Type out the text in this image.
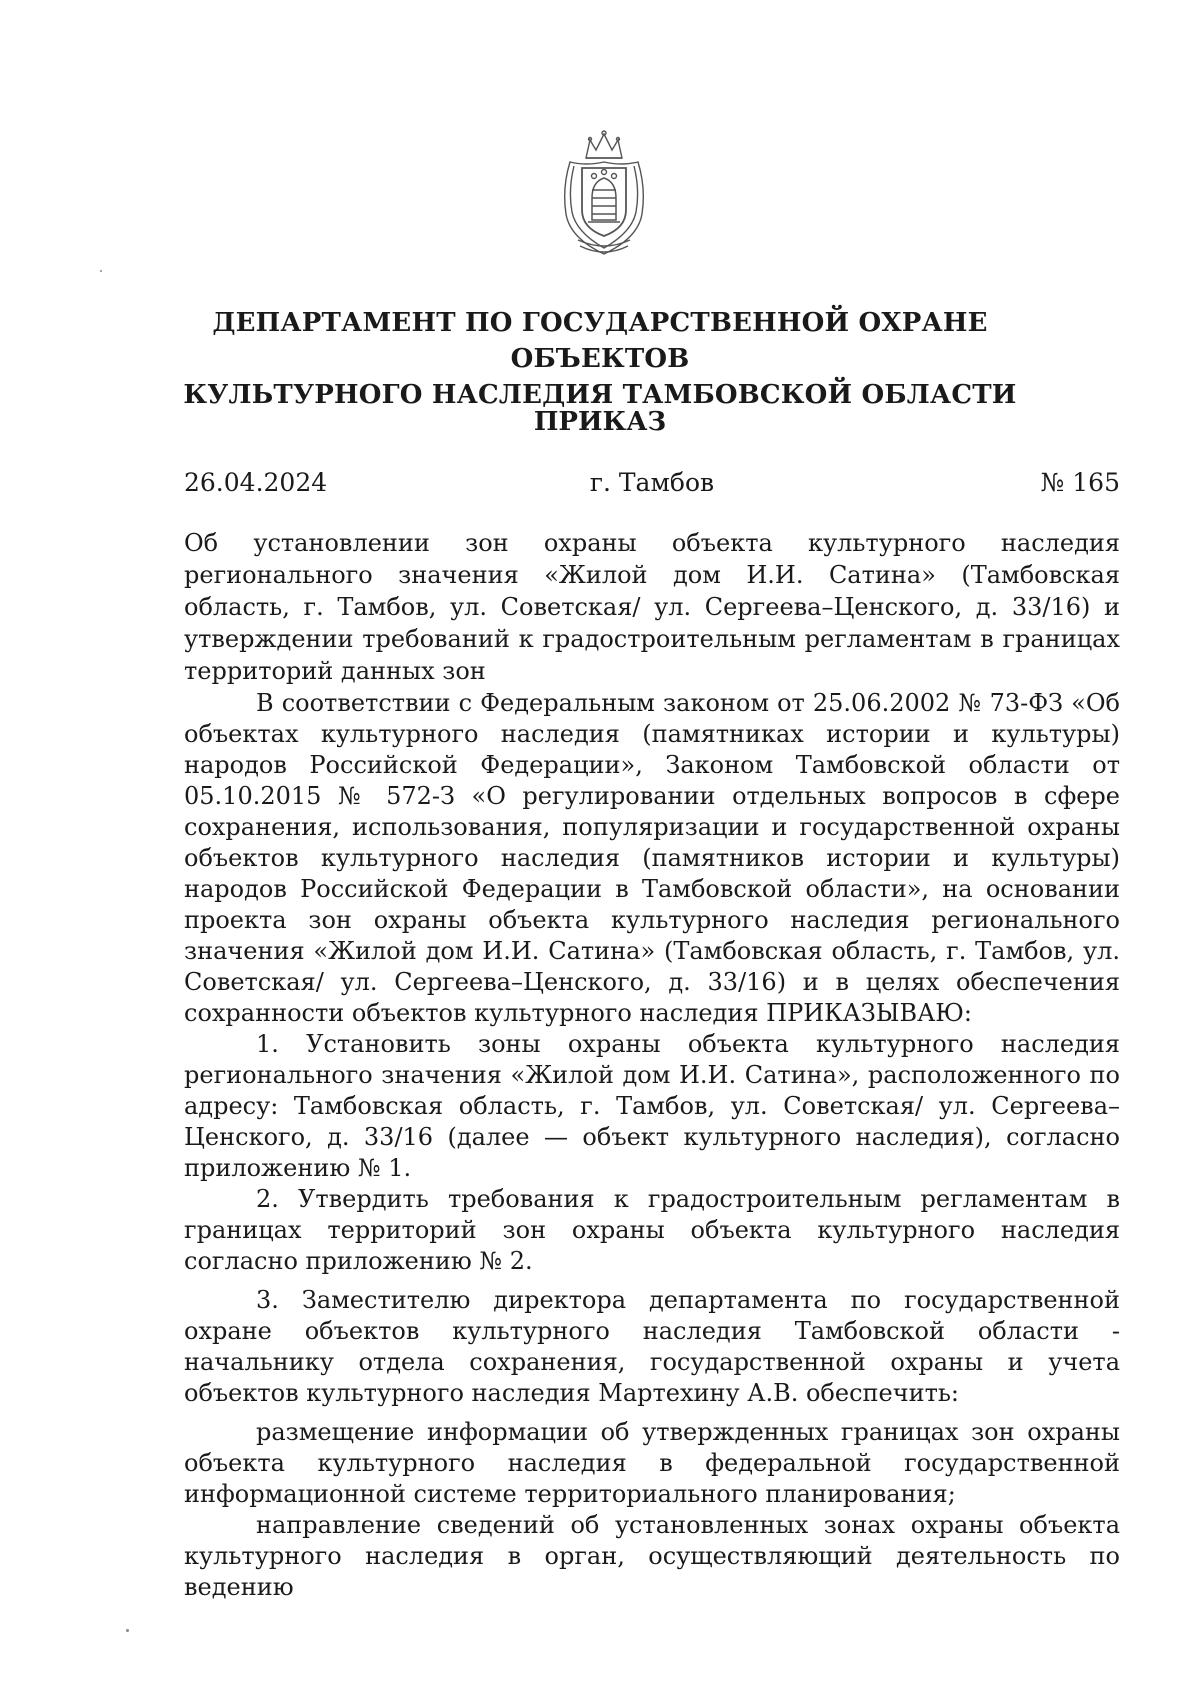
ДЕПАРТАМЕНТ ПО ГОСУДАРСТВЕННОЙ ОХРАНЕ ОБЪЕКТОВ
КУЛЬТУРНОГО НАСЛЕДИЯ ТАМБОВСКОЙ ОБЛАСТИ
ПРИКАЗ
26.04.2024	г. Тамбов	№ 165
Об установлении зон охраны объекта культурного наследия регионального значения «Жилой дом И.И. Сатина» (Тамбовская область, г. Тамбов, ул. Советская/ ул. Сергеева–Ценского, д. 33/16) и утверждении требований к градостроительным регламентам в границах территорий данных зон

В соответствии с Федеральным законом от 25.06.2002 № 73-ФЗ «Об объектах культурного наследия (памятниках истории и культуры) народов Российской Федерации», Законом Тамбовской области от 05.10.2015 № 572-З «О регулировании отдельных вопросов в сфере сохранения, использования, популяризации и государственной охраны объектов культурного наследия (памятников истории и культуры) народов Российской Федерации в Тамбовской области», на основании проекта зон охраны объекта культурного наследия регионального значения «Жилой дом И.И. Сатина» (Тамбовская область, г. Тамбов, ул. Советская/ ул. Сергеева–Ценского, д. 33/16) и в целях обеспечения сохранности объектов культурного наследия ПРИКАЗЫВАЮ:

1. Установить зоны охраны объекта культурного наследия регионального значения «Жилой дом И.И. Сатина», расположенного по адресу: Тамбовская область, г. Тамбов, ул. Советская/ ул. Сергеева–Ценского, д. 33/16 (далее — объект культурного наследия), согласно приложению № 1.

2. Утвердить требования к градостроительным регламентам в границах территорий зон охраны объекта культурного наследия согласно приложению № 2.

3. Заместителю директора департамента по государственной охране объектов культурного наследия Тамбовской области - начальнику отдела сохранения, государственной охраны и учета объектов культурного наследия Мартехину А.В. обеспечить:

размещение информации об утвержденных границах зон охраны объекта культурного наследия в федеральной государственной информационной системе территориального планирования;

направление сведений об установленных зонах охраны объекта культурного наследия в орган, осуществляющий деятельность по ведению
